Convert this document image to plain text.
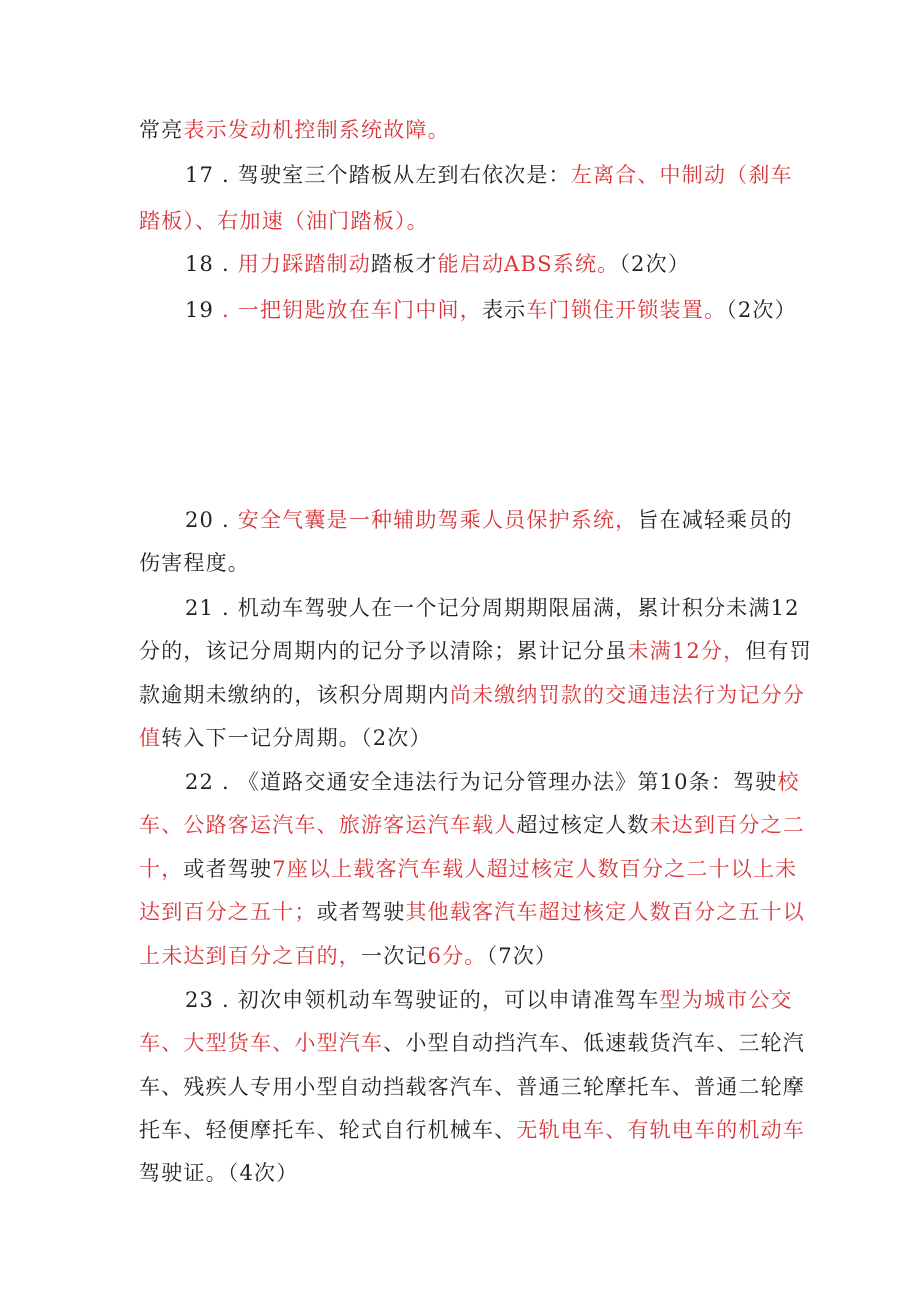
常亮表示发动机控制系统故障。
17 . 驾驶室三个踏板从左到右依次是：左离合、中制动（刹车
踏板）、右加速（油门踏板）。
18 . 用力踩踏制动踏板才能启动ABS系统。（2次）
19 . 一把钥匙放在车门中间，表示车门锁住开锁装置。（2次）
20 . 安全气囊是一种辅助驾乘人员保护系统，旨在减轻乘员的
伤害程度。
21 . 机动车驾驶人在一个记分周期期限届满，累计积分未满12
分的，该记分周期内的记分予以清除；累计记分虽未满12分，但有罚
款逾期未缴纳的，该积分周期内尚未缴纳罚款的交通违法行为记分分
值转入下一记分周期。（2次）
22 . 《道路交通安全违法行为记分管理办法》第10条：驾驶校
车、公路客运汽车、旅游客运汽车载人超过核定人数未达到百分之二
十，或者驾驶7座以上载客汽车载人超过核定人数百分之二十以上未
达到百分之五十；或者驾驶其他载客汽车超过核定人数百分之五十以
上未达到百分之百的，一次记6分。（7次）
23 . 初次申领机动车驾驶证的，可以申请准驾车型为城市公交
车、大型货车、小型汽车、小型自动挡汽车、低速载货汽车、三轮汽
车、残疾人专用小型自动挡载客汽车、普通三轮摩托车、普通二轮摩
托车、轻便摩托车、轮式自行机械车、无轨电车、有轨电车的机动车
驾驶证。（4次）
